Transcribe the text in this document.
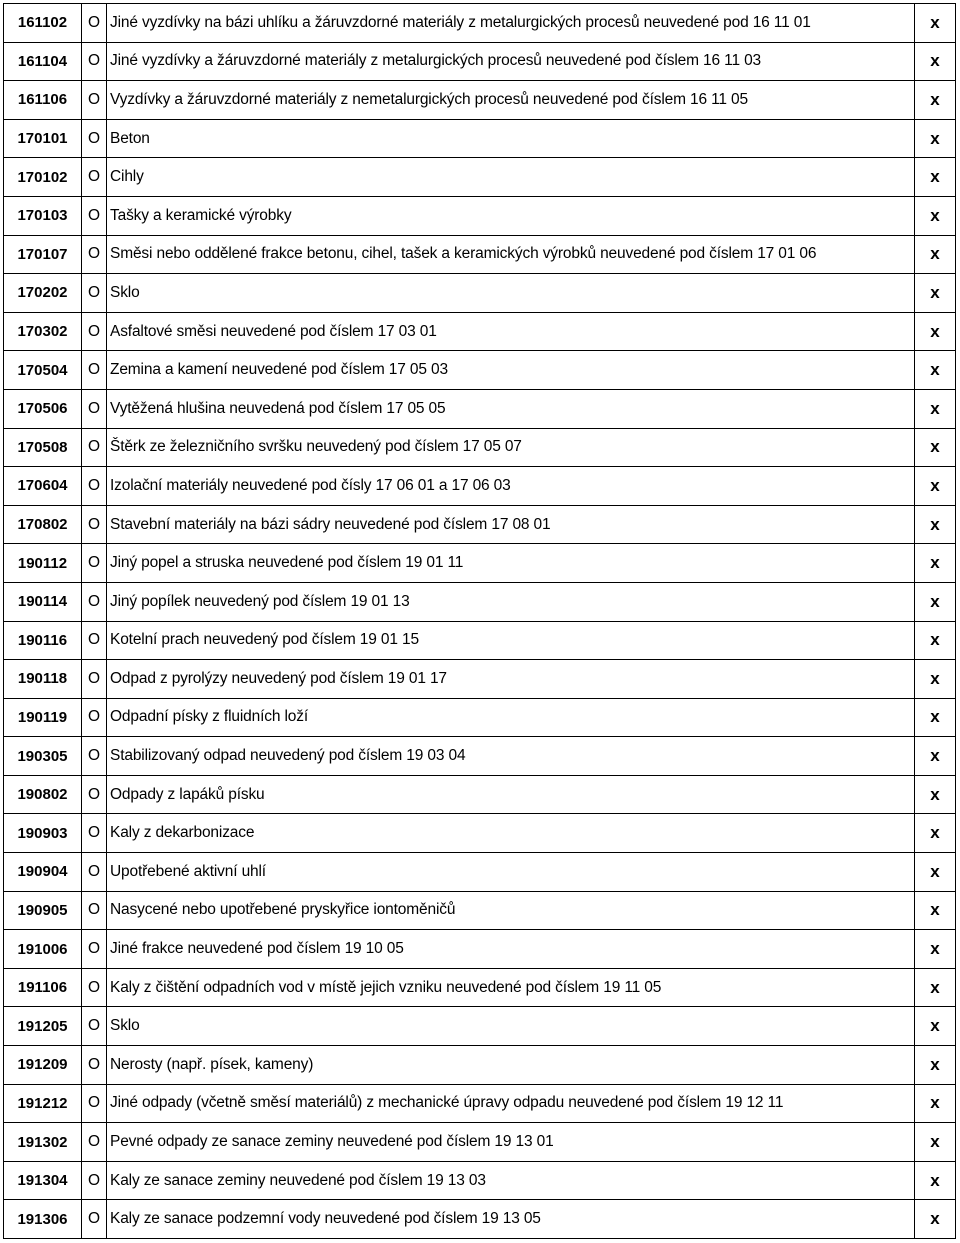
161102	O	Jiné vyzdívky na bázi uhlíku a žáruvzdorné materiály z metalurgických procesů neuvedené pod 16 11 01	x
161104	O	Jiné vyzdívky a žáruvzdorné materiály z metalurgických procesů neuvedené pod číslem 16 11 03	x
161106	O	Vyzdívky a žáruvzdorné materiály z nemetalurgických procesů neuvedené pod číslem 16 11 05	x
170101	O	Beton	x
170102	O	Cihly	x
170103	O	Tašky a keramické výrobky	x
170107	O	Směsi nebo oddělené frakce betonu, cihel, tašek a keramických výrobků neuvedené pod číslem 17 01 06	x
170202	O	Sklo	x
170302	O	Asfaltové směsi neuvedené pod číslem 17 03 01	x
170504	O	Zemina a kamení neuvedené pod číslem 17 05 03	x
170506	O	Vytěžená hlušina neuvedená pod číslem 17 05 05	x
170508	O	Štěrk ze železničního svršku neuvedený pod číslem 17 05 07	x
170604	O	Izolační materiály neuvedené pod čísly 17 06 01 a 17 06 03	x
170802	O	Stavební materiály na bázi sádry neuvedené pod číslem 17 08 01	x
190112	O	Jiný popel a struska neuvedené pod číslem 19 01 11	x
190114	O	Jiný popílek neuvedený pod číslem 19 01 13	x
190116	O	Kotelní prach neuvedený pod číslem 19 01 15	x
190118	O	Odpad z pyrolýzy neuvedený pod číslem 19 01 17	x
190119	O	Odpadní písky z fluidních loží	x
190305	O	Stabilizovaný odpad neuvedený pod číslem 19 03 04	x
190802	O	Odpady z lapáků písku	x
190903	O	Kaly z dekarbonizace	x
190904	O	Upotřebené aktivní uhlí	x
190905	O	Nasycené nebo upotřebené pryskyřice iontoměničů	x
191006	O	Jiné frakce neuvedené pod číslem 19 10 05	x
191106	O	Kaly z čištění odpadních vod v místě jejich vzniku neuvedené pod číslem 19 11 05	x
191205	O	Sklo	x
191209	O	Nerosty (např. písek, kameny)	x
191212	O	Jiné odpady (včetně směsí materiálů) z mechanické úpravy odpadu neuvedené pod číslem 19 12 11	x
191302	O	Pevné odpady ze sanace zeminy neuvedené pod číslem 19 13 01	x
191304	O	Kaly ze sanace zeminy neuvedené pod číslem 19 13 03	x
191306	O	Kaly ze sanace podzemní vody neuvedené pod číslem 19 13 05	x
